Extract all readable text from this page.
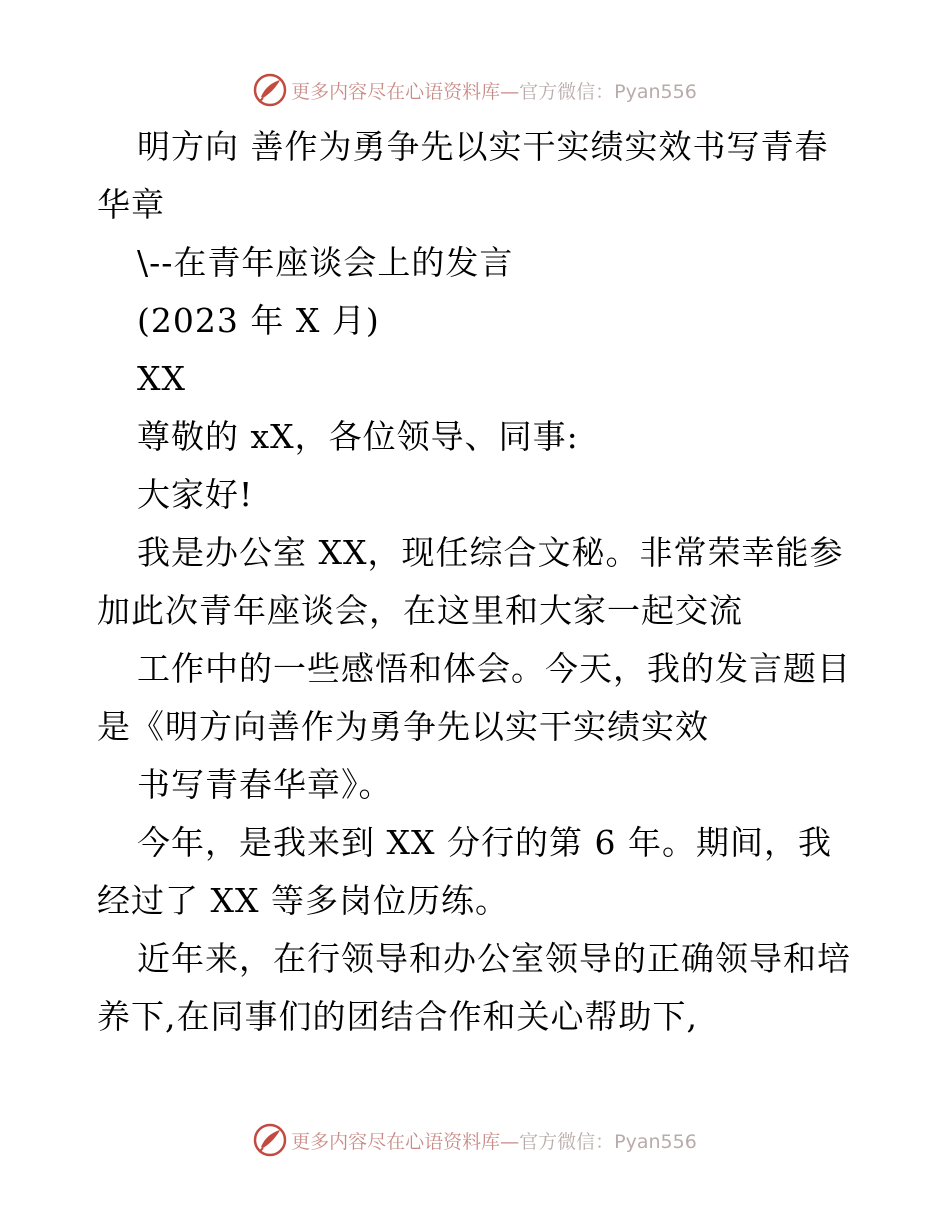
更多内容尽在心语资料库—官方微信：Pyan556
明方向 善作为勇争先以实干实绩实效书写青春
华章
\--在青年座谈会上的发言
(2023 年 X 月)
XX
尊敬的 xX，各位领导、同事:
大家好!
我是办公室 XX，现任综合文秘。非常荣幸能参
加此次青年座谈会，在这里和大家一起交流
工作中的一些感悟和体会。今天，我的发言题目
是《明方向善作为勇争先以实干实绩实效
书写青春华章》。
今年，是我来到 XX 分行的第 6 年。期间，我
经过了 XX 等多岗位历练。
近年来，在行领导和办公室领导的正确领导和培
养下,在同事们的团结合作和关心帮助下,
更多内容尽在心语资料库—官方微信：Pyan556
